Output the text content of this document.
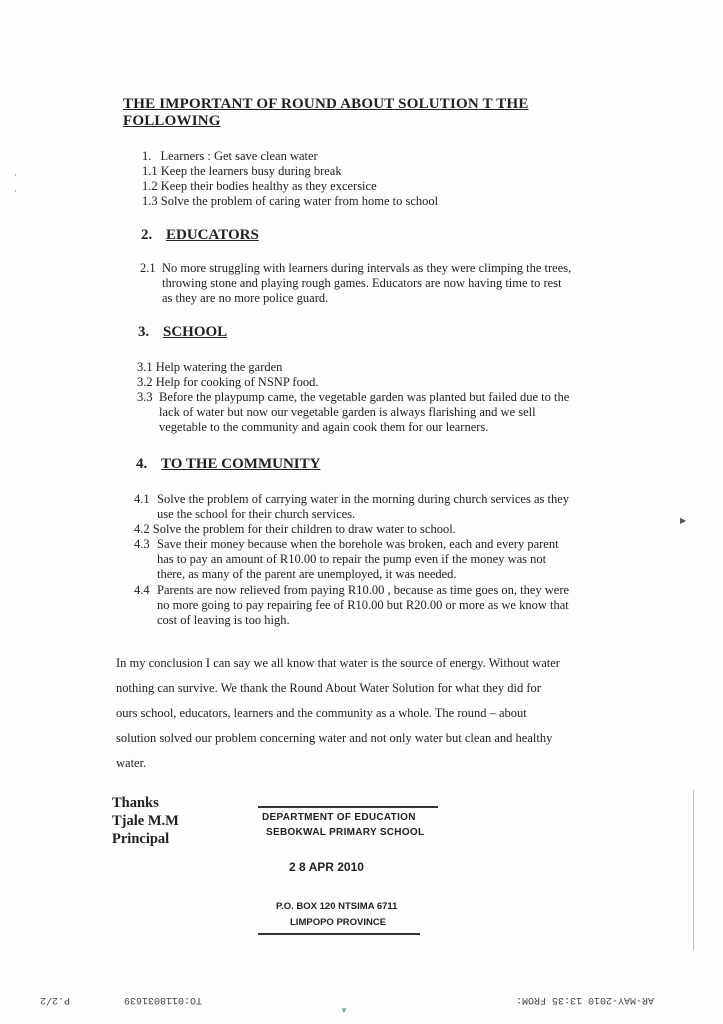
THE IMPORTANT OF ROUND ABOUT SOLUTION T THE FOLLOWING
1. Learners : Get save clean water
1.1 Keep the learners busy during break
1.2 Keep their bodies healthy as they excersice
1.3 Solve the problem of caring water from home to school
2. EDUCATORS
2.1 No more struggling with learners during intervals as they were climping the trees,
throwing stone and playing rough games. Educators are now having time to rest
as they are no more police guard.
3. SCHOOL
3.1 Help watering the garden
3.2 Help for cooking of NSNP food.
3.3 Before the playpump came, the vegetable garden was planted but failed due to the
lack of water but now our vegetable garden is always flarishing and we sell
vegetable to the community and again cook them for our learners.
4. TO THE COMMUNITY
4.1 Solve the problem of carrying water in the morning during church services as they
use the school for their church services.
4.2 Solve the problem for their children to draw water to school.
4.3 Save their money because when the borehole was broken, each and every parent
has to pay an amount of R10.00 to repair the pump even if the money was not
there, as many of the parent are unemployed, it was needed.
4.4 Parents are now relieved from paying R10.00 , because as time goes on, they were
no more going to pay repairing fee of R10.00 but R20.00 or more as we know that
cost of leaving is too high.
In my conclusion I can say we all know that water is the source of energy. Without water
nothing can survive. We thank the Round About Water Solution for what they did for
ours school, educators, learners and the community as a whole. The round – about
solution solved our problem concerning water and not only water but clean and healthy
water.
Thanks
Tjale M.M
Principal
DEPARTMENT OF EDUCATION
SEBOKWAL PRIMARY SCHOOL
2 8 APR 2010
P.O. BOX 120 NTSIMA 6711
LIMPOPO PROVINCE
▶
·
·
▼
P.2/2	TO:0118031639	AR-MAY-2010 13:35 FROM:
